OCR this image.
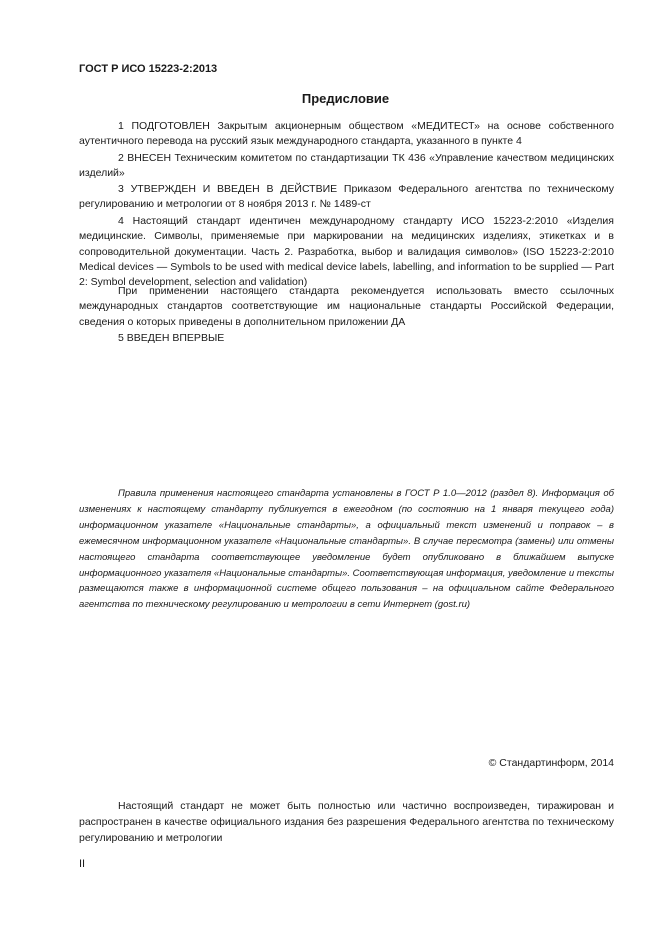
ГОСТ Р ИСО 15223-2:2013
Предисловие

1 ПОДГОТОВЛЕН Закрытым акционерным обществом «МЕДИТЕСТ» на основе собственного аутентичного перевода на русский язык международного стандарта, указанного в пункте 4

2 ВНЕСЕН Техническим комитетом по стандартизации ТК 436 «Управление качеством медицинских изделий»

3 УТВЕРЖДЕН И ВВЕДЕН В ДЕЙСТВИЕ Приказом Федерального агентства по техническому регулированию и метрологии от 8 ноября 2013 г. № 1489-ст

4 Настоящий стандарт идентичен международному стандарту ИСО 15223-2:2010 «Изделия медицинские. Символы, применяемые при маркировании на медицинских изделиях, этикетках и в сопроводительной документации. Часть 2. Разработка, выбор и валидация символов» (ISO 15223-2:2010 Medical devices — Symbols to be used with medical device labels, labelling, and information to be supplied — Part 2: Symbol development, selection and validation)

При применении настоящего стандарта рекомендуется использовать вместо ссылочных международных стандартов соответствующие им национальные стандарты Российской Федерации, сведения о которых приведены в дополнительном приложении ДА

5 ВВЕДЕН ВПЕРВЫЕ

Правила применения настоящего стандарта установлены в ГОСТ Р 1.0—2012 (раздел 8). Информация об изменениях к настоящему стандарту публикуется в ежегодном (по состоянию на 1 января текущего года) информационном указателе «Национальные стандарты», а официальный текст изменений и поправок – в ежемесячном информационном указателе «Национальные стандарты». В случае пересмотра (замены) или отмены настоящего стандарта соответствующее уведомление будет опубликовано в ближайшем выпуске информационного указателя «Национальные стандарты». Соответствующая информация, уведомление и тексты размещаются также в информационной системе общего пользования – на официальном сайте Федерального агентства по техническому регулированию и метрологии в сети Интернет (gost.ru)

© Стандартинформ, 2014

Настоящий стандарт не может быть полностью или частично воспроизведен, тиражирован и распространен в качестве официального издания без разрешения Федерального агентства по техническому регулированию и метрологии

II
